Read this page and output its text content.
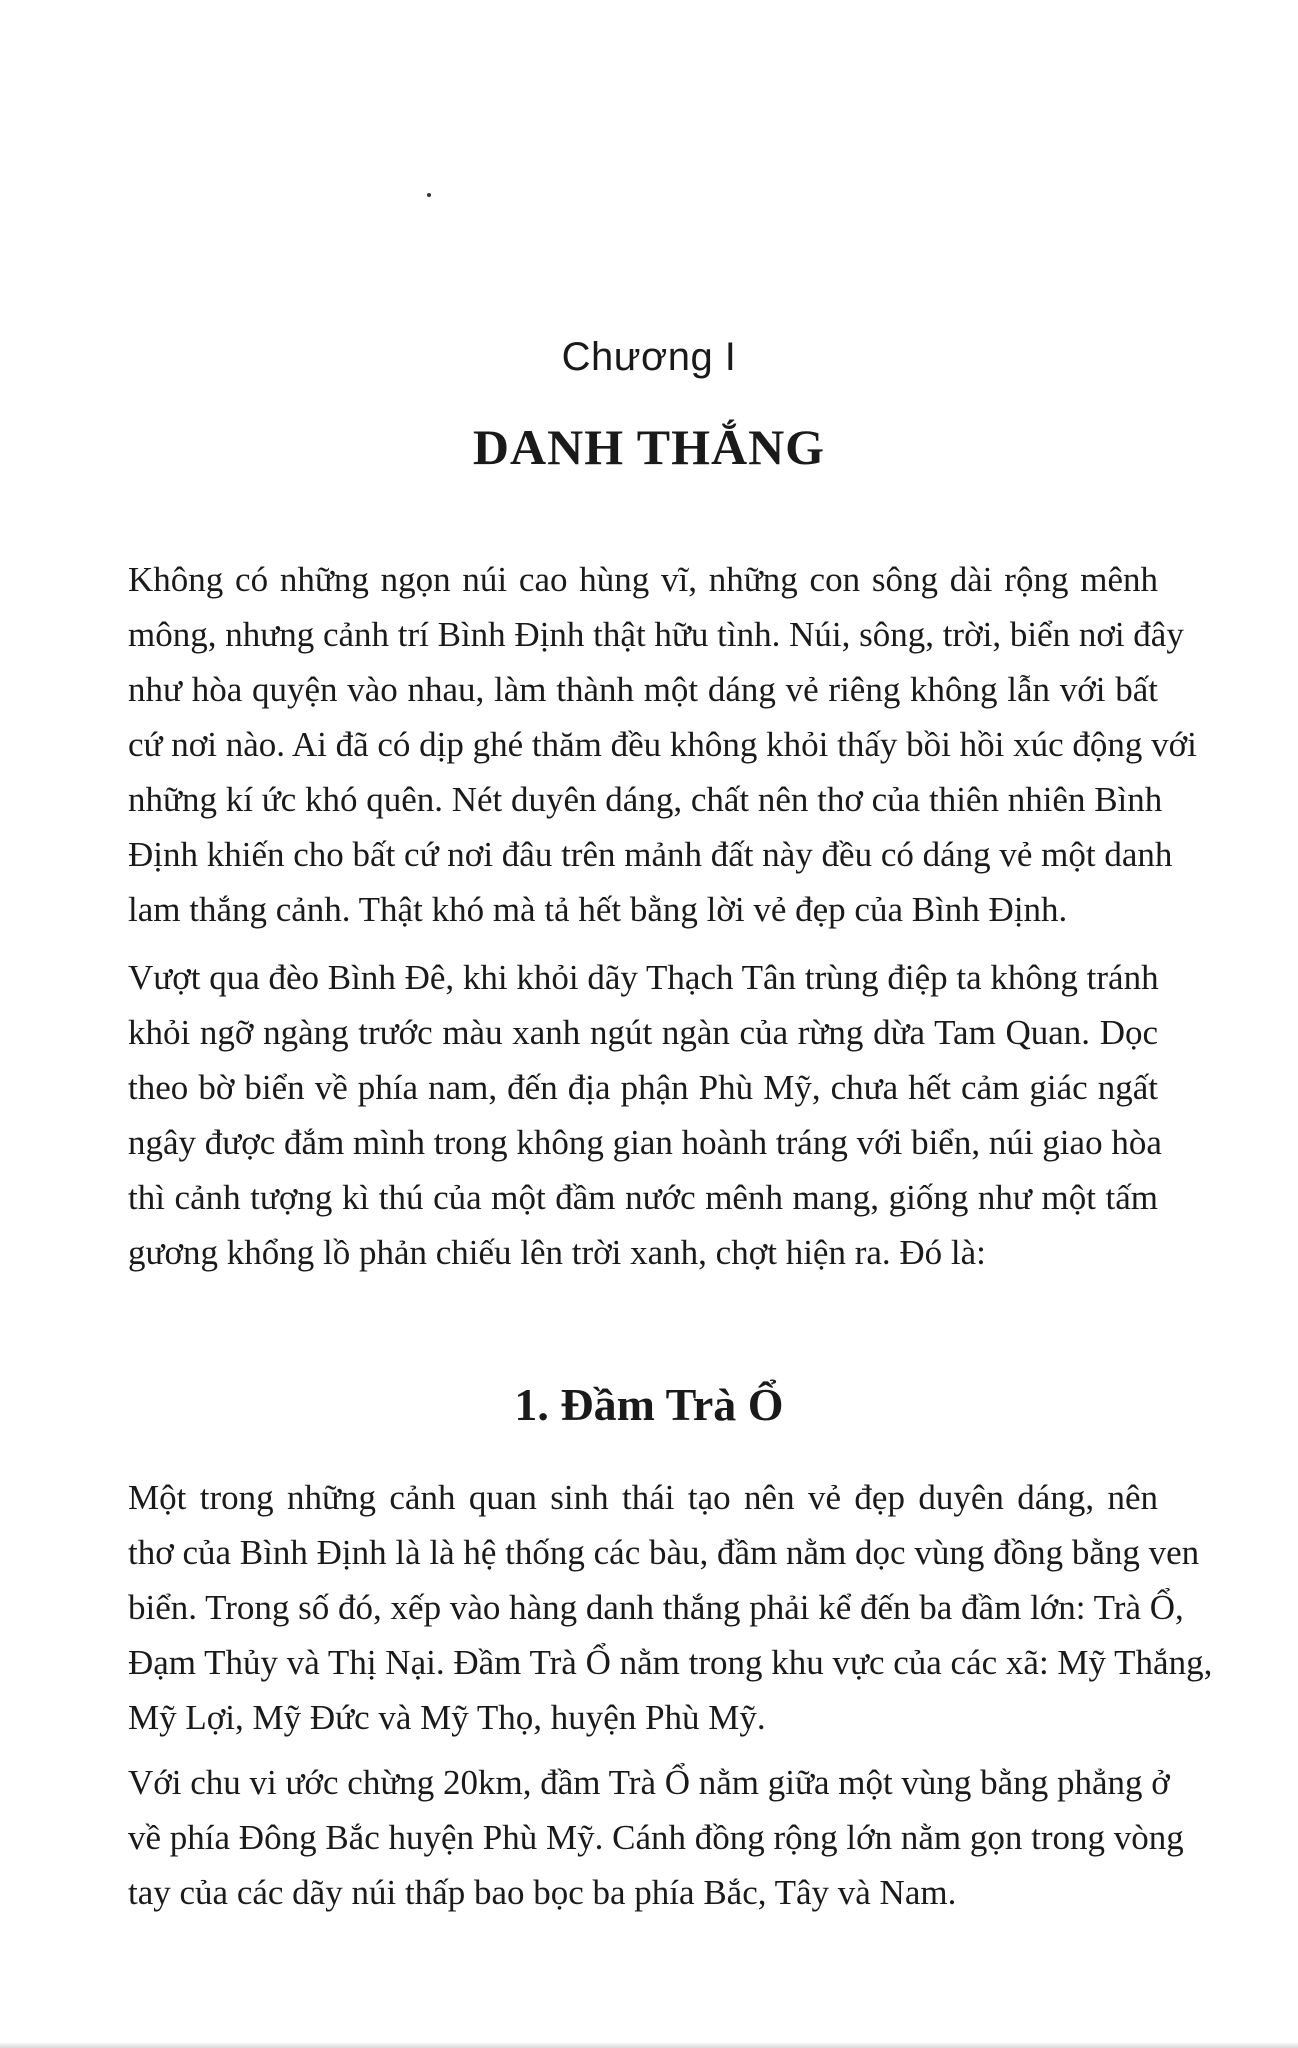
Chương I
DANH THẮNG

Không có những ngọn núi cao hùng vĩ, những con sông dài rộng mênh
mông, nhưng cảnh trí Bình Định thật hữu tình. Núi, sông, trời, biển nơi đây
như hòa quyện vào nhau, làm thành một dáng vẻ riêng không lẫn với bất
cứ nơi nào. Ai đã có dịp ghé thăm đều không khỏi thấy bồi hồi xúc động với
những kí ức khó quên. Nét duyên dáng, chất nên thơ của thiên nhiên Bình
Định khiến cho bất cứ nơi đâu trên mảnh đất này đều có dáng vẻ một danh
lam thắng cảnh. Thật khó mà tả hết bằng lời vẻ đẹp của Bình Định.

Vượt qua đèo Bình Đê, khi khỏi dãy Thạch Tân trùng điệp ta không tránh
khỏi ngỡ ngàng trước màu xanh ngút ngàn của rừng dừa Tam Quan. Dọc
theo bờ biển về phía nam, đến địa phận Phù Mỹ, chưa hết cảm giác ngất
ngây được đắm mình trong không gian hoành tráng với biển, núi giao hòa
thì cảnh tượng kì thú của một đầm nước mênh mang, giống như một tấm
gương khổng lồ phản chiếu lên trời xanh, chợt hiện ra. Đó là:

1. Đầm Trà Ổ

Một trong những cảnh quan sinh thái tạo nên vẻ đẹp duyên dáng, nên
thơ của Bình Định là là hệ thống các bàu, đầm nằm dọc vùng đồng bằng ven
biển. Trong số đó, xếp vào hàng danh thắng phải kể đến ba đầm lớn: Trà Ổ,
Đạm Thủy và Thị Nại. Đầm Trà Ổ nằm trong khu vực của các xã: Mỹ Thắng,
Mỹ Lợi, Mỹ Đức và Mỹ Thọ, huyện Phù Mỹ.

Với chu vi ước chừng 20km, đầm Trà Ổ nằm giữa một vùng bằng phẳng ở
về phía Đông Bắc huyện Phù Mỹ. Cánh đồng rộng lớn nằm gọn trong vòng
tay của các dãy núi thấp bao bọc ba phía Bắc, Tây và Nam.
